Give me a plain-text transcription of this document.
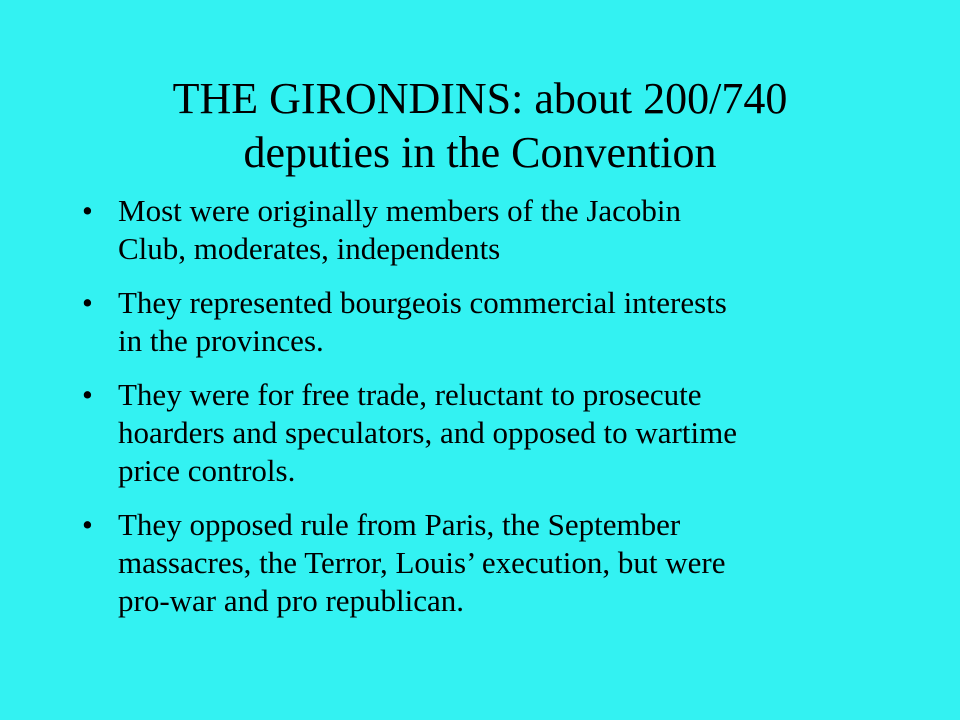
THE GIRONDINS: about 200/740
deputies in the Convention
• Most were originally members of the Jacobin
Club, moderates, independents
• They represented bourgeois commercial interests
in the provinces.
• They were for free trade, reluctant to prosecute
hoarders and speculators, and opposed to wartime
price controls.
• They opposed rule from Paris, the September
massacres, the Terror, Louis’ execution, but were
pro-war and pro republican.
